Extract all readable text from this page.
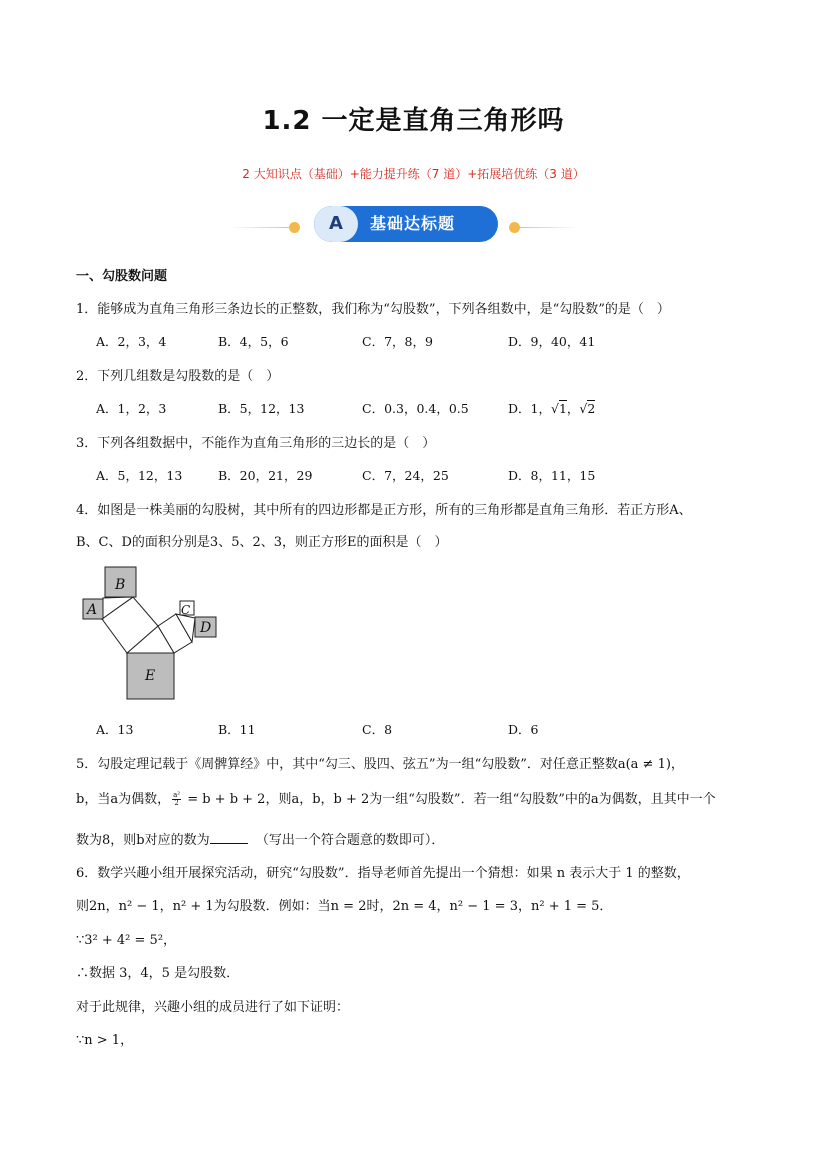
1.2 一定是直角三角形吗
2 大知识点（基础）+能力提升练（7 道）+拓展培优练（3 道）
A	基础达标题
一、勾股数问题
1．能够成为直角三角形三条边长的正整数，我们称为“勾股数”，下列各组数中，是“勾股数”的是（　）
A．2，3，4	B．4，5，6	C．7，8，9	D．9，40，41
2．下列几组数是勾股数的是（　）
A．1，2，3	B．5，12，13	C．0.3，0.4，0.5	D．1，√1，√2
3．下列各组数据中，不能作为直角三角形的三边长的是（　）
A．5，12，13	B．20，21，29	C．7，24，25	D．8，11，15
4．如图是一株美丽的勾股树，其中所有的四边形都是正方形，所有的三角形都是直角三角形．若正方形A、
B、C、D的面积分别是3、5、2、3，则正方形E的面积是（　）
B
A	C
D
E
A．13	B．11	C．8	D．6
5．勾股定理记载于《周髀算经》中，其中“勾三、股四、弦五”为一组“勾股数”．对任意正整数a(a ≠ 1)，
b，当a为偶数， $\frac{\text{a²}}{2} = b + b + 2$，则a，b，b + 2为一组“勾股数”．若一组“勾股数”中的a为偶数，且其中一个
数为8，则b对应的数为	（写出一个符合题意的数即可）．
6．数学兴趣小组开展探究活动，研究“勾股数”．指导老师首先提出一个猜想：如果 n 表示大于 1 的整数，
则2n，n² − 1，n² + 1为勾股数．例如：当n = 2时，2n = 4，n² − 1 = 3，n² + 1 = 5．
∵3² + 4² = 5²，
∴数据 3，4，5 是勾股数．
对于此规律，兴趣小组的成员进行了如下证明：
∵n > 1，
